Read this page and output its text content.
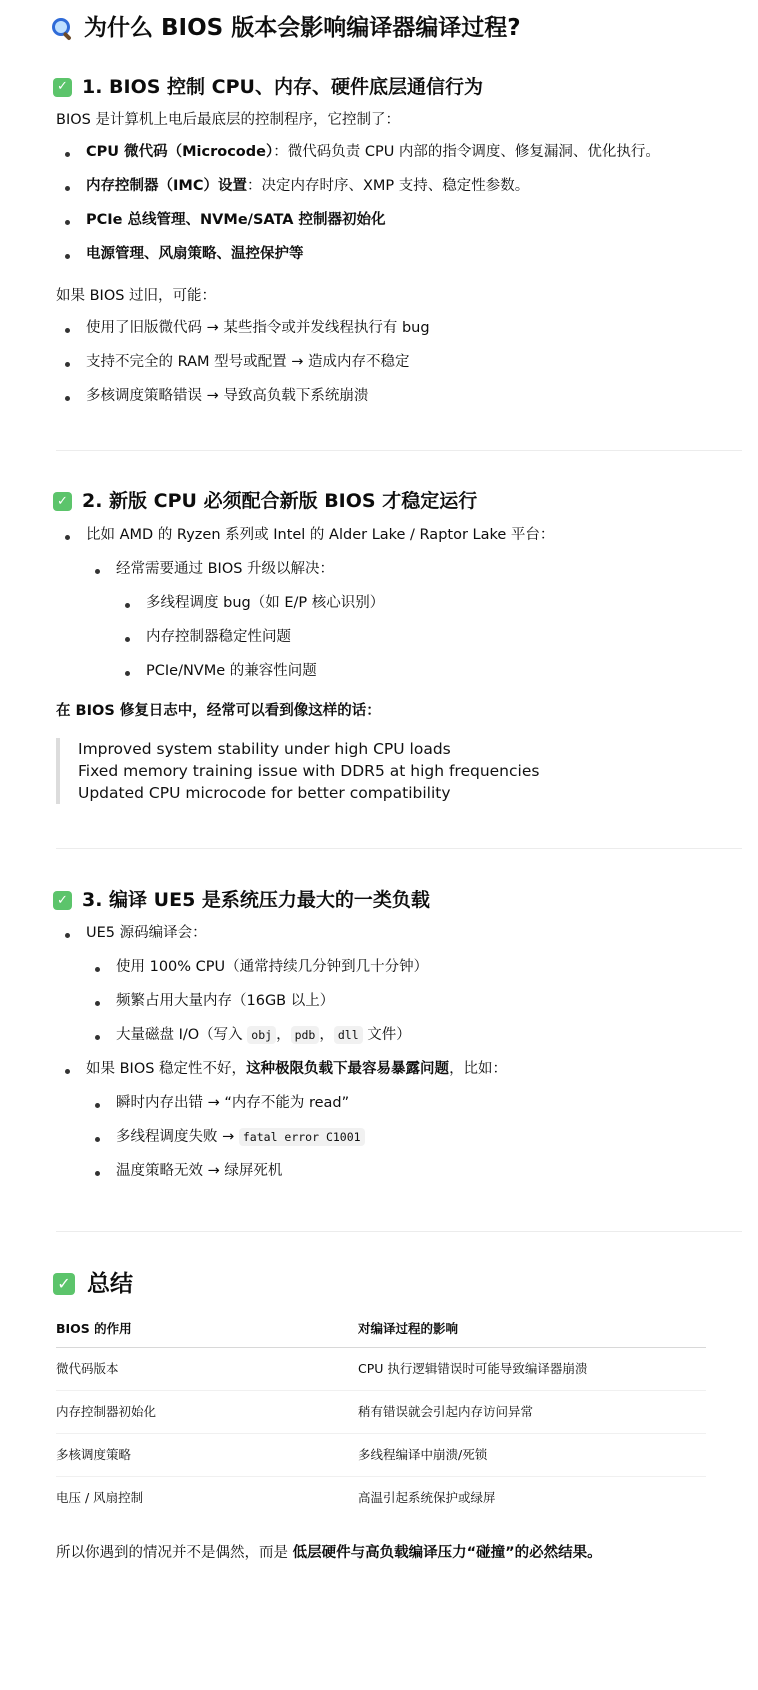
为什么 BIOS 版本会影响编译器编译过程?
✓ 1. BIOS 控制 CPU、内存、硬件底层通信行为

BIOS 是计算机上电后最底层的控制程序，它控制了：

CPU 微代码（Microcode）：微代码负责 CPU 内部的指令调度、修复漏洞、优化执行。
内存控制器（IMC）设置：决定内存时序、XMP 支持、稳定性参数。
PCIe 总线管理、NVMe/SATA 控制器初始化
电源管理、风扇策略、温控保护等

如果 BIOS 过旧，可能：

使用了旧版微代码 → 某些指令或并发线程执行有 bug
支持不完全的 RAM 型号或配置 → 造成内存不稳定
多核调度策略错误 → 导致高负载下系统崩溃
✓ 2. 新版 CPU 必须配合新版 BIOS 才稳定运行
比如 AMD 的 Ryzen 系列或 Intel 的 Alder Lake / Raptor Lake 平台：
经常需要通过 BIOS 升级以解决：
多线程调度 bug（如 E/P 核心识别）
内存控制器稳定性问题
PCIe/NVMe 的兼容性问题

在 BIOS 修复日志中，经常可以看到像这样的话：

Improved system stability under high CPU loads
Fixed memory training issue with DDR5 at high frequencies
Updated CPU microcode for better compatibility
✓ 3. 编译 UE5 是系统压力最大的一类负载
UE5 源码编译会：
使用 100% CPU（通常持续几分钟到几十分钟）
频繁占用大量内存（16GB 以上）
大量磁盘 I/O（写入 obj ， pdb ， dll 文件）
如果 BIOS 稳定性不好，这种极限负载下最容易暴露问题，比如：
瞬时内存出错 → “内存不能为 read”
多线程调度失败 → fatal error C1001
温度策略无效 → 绿屏死机
✓ 总结
BIOS 的作用	对编译过程的影响
微代码版本	CPU 执行逻辑错误时可能导致编译器崩溃
内存控制器初始化	稍有错误就会引起内存访问异常
多核调度策略	多线程编译中崩溃/死锁
电压 / 风扇控制	高温引起系统保护或绿屏

所以你遇到的情况并不是偶然，而是 低层硬件与高负载编译压力“碰撞”的必然结果。
